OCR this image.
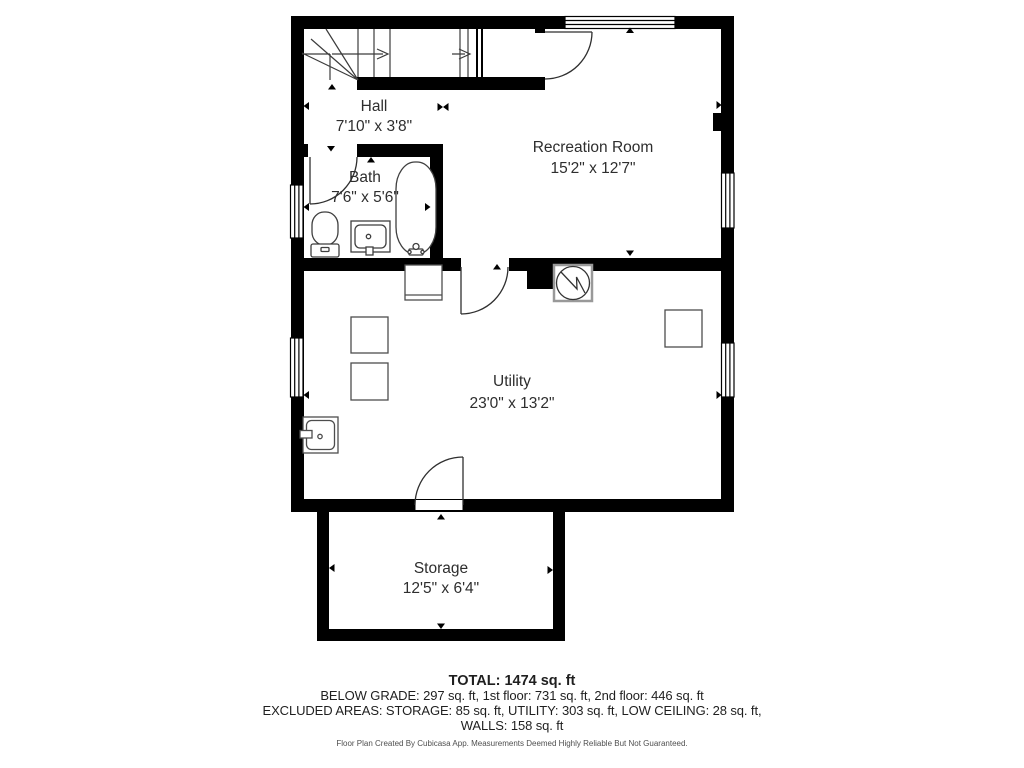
Hall
7'10" x 3'8"
Bath
7'6" x 5'6"
Recreation Room
15'2" x 12'7"
Utility
23'0" x 13'2"
Storage
12'5" x 6'4"
TOTAL: 1474 sq. ft
BELOW GRADE: 297 sq. ft, 1st floor: 731 sq. ft, 2nd floor: 446 sq. ft
EXCLUDED AREAS: STORAGE: 85 sq. ft, UTILITY: 303 sq. ft, LOW CEILING: 28 sq. ft,
WALLS: 158 sq. ft
Floor Plan Created By Cubicasa App. Measurements Deemed Highly Reliable But Not Guaranteed.
